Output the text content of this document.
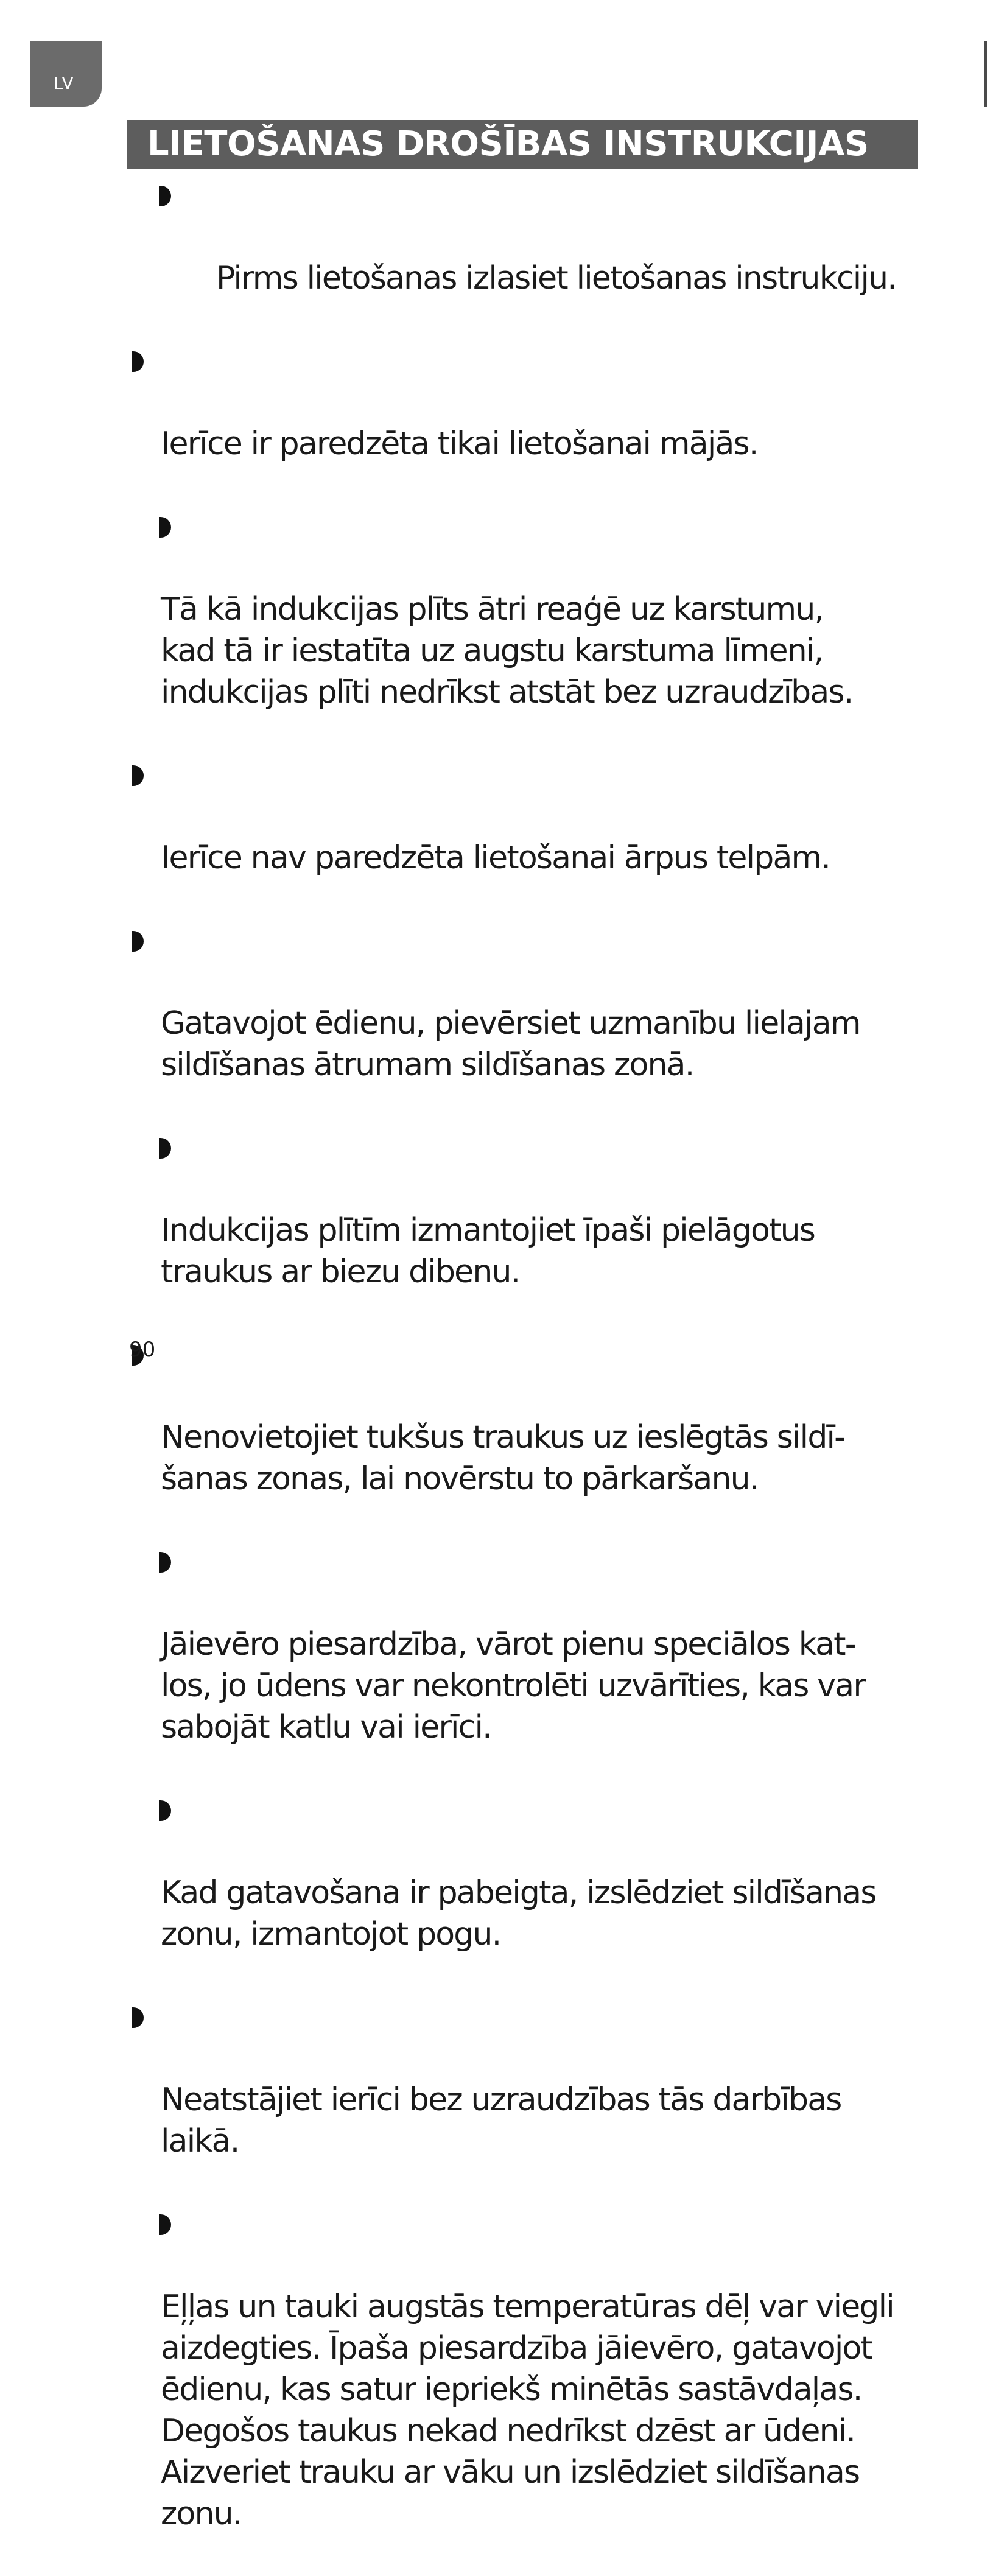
LV
LIETOŠANAS DROŠĪBAS INSTRUKCIJAS

Pirms lietošanas izlasiet lietošanas instrukciju.

Ierīce ir paredzēta tikai lietošanai mājās.

Tā kā indukcijas plīts ātri reaģē uz karstumu,
kad tā ir iestatīta uz augstu karstuma līmeni,
indukcijas plīti nedrīkst atstāt bez uzraudzības.

Ierīce nav paredzēta lietošanai ārpus telpām.

Gatavojot ēdienu, pievērsiet uzmanību lielajam
sildīšanas ātrumam sildīšanas zonā.

Indukcijas plītīm izmantojiet īpaši pielāgotus
traukus ar biezu dibenu.

Nenovietojiet tukšus traukus uz ieslēgtās sildī-
šanas zonas, lai novērstu to pārkaršanu.

Jāievēro piesardzība, vārot pienu speciālos kat-
los, jo ūdens var nekontrolēti uzvārīties, kas var
sabojāt katlu vai ierīci.

Kad gatavošana ir pabeigta, izslēdziet sildīšanas
zonu, izmantojot pogu.

Neatstājiet ierīci bez uzraudzības tās darbības
laikā.

Eļļas un tauki augstās temperatūras dēļ var viegli
aizdegties. Īpaša piesardzība jāievēro, gatavojot
ēdienu, kas satur iepriekš minētās sastāvdaļas.
Degošos taukus nekad nedrīkst dzēst ar ūdeni.
Aizveriet trauku ar vāku un izslēdziet sildīšanas
zonu.

90
